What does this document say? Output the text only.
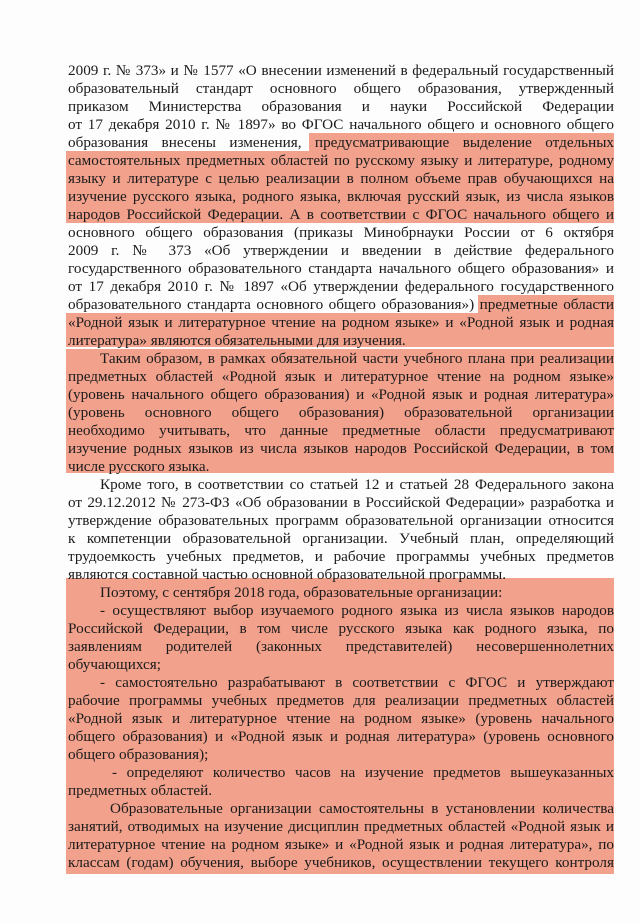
2009 г. № 373» и № 1577 «О внесении изменений в федеральный государственный
образовательный стандарт основного общего образования, утвержденный
приказом Министерства образования и науки Российской Федерации
от 17 декабря 2010 г. № 1897» во ФГОС начального общего и основного общего
образования внесены изменения, предусматривающие выделение отдельных
самостоятельных предметных областей по русскому языку и литературе, родному
языку и литературе с целью реализации в полном объеме прав обучающихся на
изучение русского языка, родного языка, включая русский язык, из числа языков
народов Российской Федерации. А в соответствии с ФГОС начального общего и
основного общего образования (приказы Минобрнауки России от 6 октября
2009 г. № 373 «Об утверждении и введении в действие федерального
государственного образовательного стандарта начального общего образования» и
от 17 декабря 2010 г. № 1897 «Об утверждении федерального государственного
образовательного стандарта основного общего образования») предметные области
«Родной язык и литературное чтение на родном языке» и «Родной язык и родная
литература» являются обязательными для изучения.
Таким образом, в рамках обязательной части учебного плана при реализации
предметных областей «Родной язык и литературное чтение на родном языке»
(уровень начального общего образования) и «Родной язык и родная литература»
(уровень основного общего образования) образовательной организации
необходимо учитывать, что данные предметные области предусматривают
изучение родных языков из числа языков народов Российской Федерации, в том
числе русского языка.
Кроме того, в соответствии со статьей 12 и статьей 28 Федерального закона
от 29.12.2012 № 273-ФЗ «Об образовании в Российской Федерации» разработка и
утверждение образовательных программ образовательной организации относится
к компетенции образовательной организации. Учебный план, определяющий
трудоемкость учебных предметов, и рабочие программы учебных предметов
являются составной частью основной образовательной программы.
Поэтому, с сентября 2018 года, образовательные организации:
- осуществляют выбор изучаемого родного языка из числа языков народов
Российской Федерации, в том числе русского языка как родного языка, по
заявлениям родителей (законных представителей) несовершеннолетних
обучающихся;
- самостоятельно разрабатывают в соответствии с ФГОС и утверждают
рабочие программы учебных предметов для реализации предметных областей
«Родной язык и литературное чтение на родном языке» (уровень начального
общего образования) и «Родной язык и родная литература» (уровень основного
общего образования);
- определяют количество часов на изучение предметов вышеуказанных
предметных областей.
Образовательные организации самостоятельны в установлении количества
занятий, отводимых на изучение дисциплин предметных областей «Родной язык и
литературное чтение на родном языке» и «Родной язык и родная литература», по
классам (годам) обучения, выборе учебников, осуществлении текущего контроля
